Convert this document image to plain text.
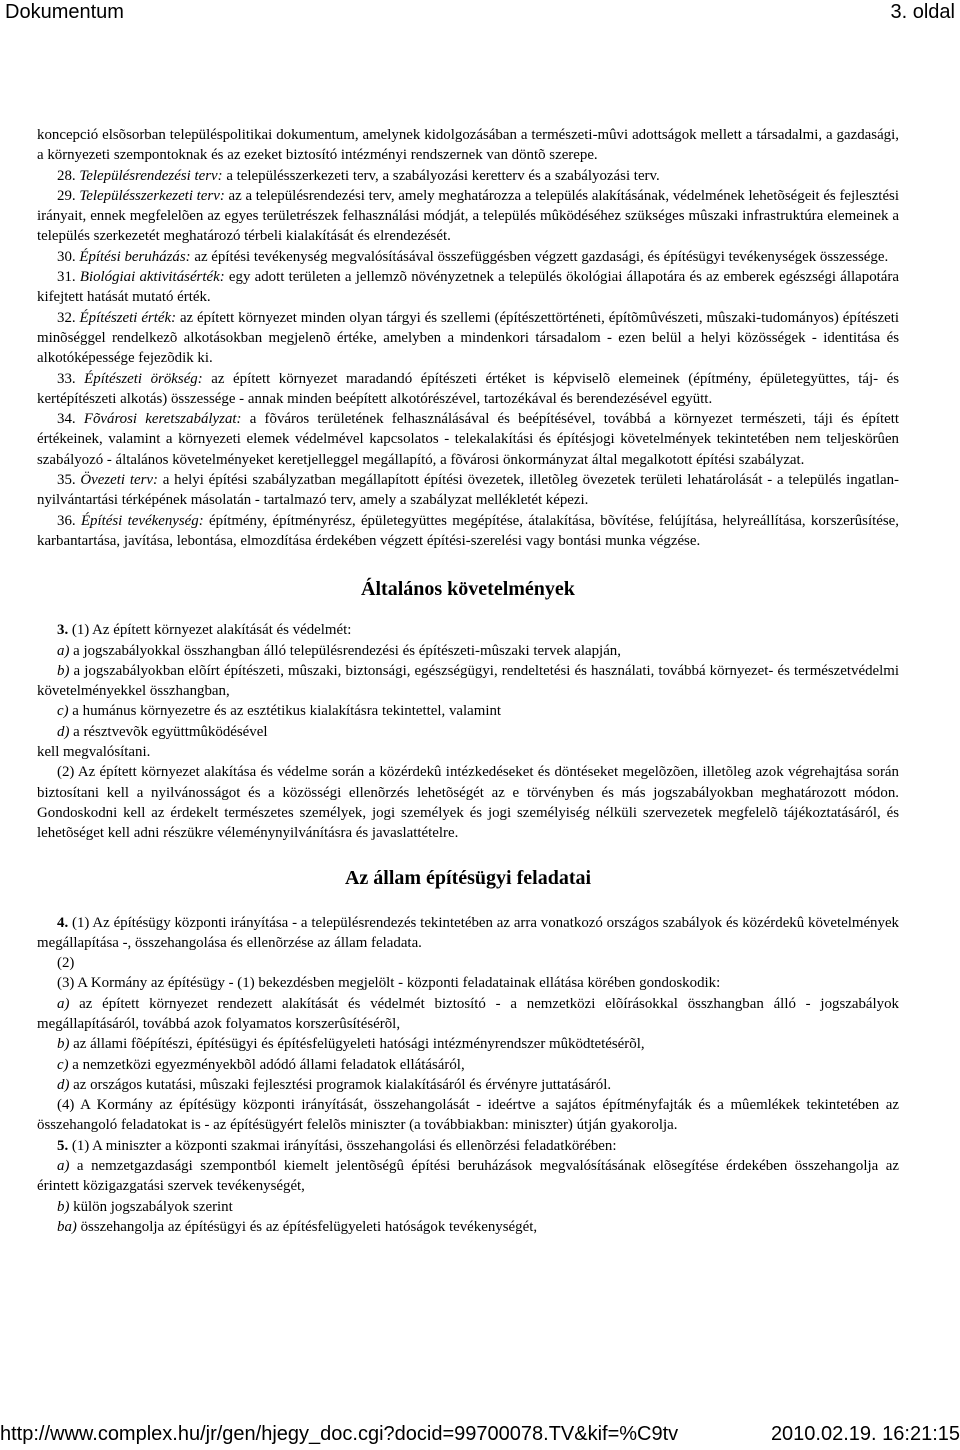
Dokumentum	3. oldal

koncepció elsõsorban településpolitikai dokumentum, amelynek kidolgozásában a természeti-mûvi adottságok mellett a társadalmi, a gazdasági, a környezeti szempontoknak és az ezeket biztosító intézményi rendszernek van döntõ szerepe.

28. Településrendezési terv: a településszerkezeti terv, a szabályozási keretterv és a szabályozási terv.

29. Településszerkezeti terv: az a településrendezési terv, amely meghatározza a település alakításának, védelmének lehetõségeit és fejlesztési irányait, ennek megfelelõen az egyes területrészek felhasználási módját, a település mûködéséhez szükséges mûszaki infrastruktúra elemeinek a település szerkezetét meghatározó térbeli kialakítását és elrendezését.

30. Építési beruházás: az építési tevékenység megvalósításával összefüggésben végzett gazdasági, és építésügyi tevékenységek összessége.

31. Biológiai aktivitásérték: egy adott területen a jellemzõ növényzetnek a település ökológiai állapotára és az emberek egészségi állapotára kifejtett hatását mutató érték.

32. Építészeti érték: az épített környezet minden olyan tárgyi és szellemi (építészettörténeti, építõmûvészeti, mûszaki-tudományos) építészeti minõséggel rendelkezõ alkotásokban megjelenõ értéke, amelyben a mindenkori társadalom - ezen belül a helyi közösségek - identitása és alkotóképessége fejezõdik ki.

33. Építészeti örökség: az épített környezet maradandó építészeti értéket is képviselõ elemeinek (építmény, épületegyüttes, táj- és kertépítészeti alkotás) összessége - annak minden beépített alkotórészével, tartozékával és berendezésével együtt.

34. Fõvárosi keretszabályzat: a fõváros területének felhasználásával és beépítésével, továbbá a környezet természeti, táji és épített értékeinek, valamint a környezeti elemek védelmével kapcsolatos - telekalakítási és építésjogi követelmények tekintetében nem teljeskörûen szabályozó - általános követelményeket keretjelleggel megállapító, a fõvárosi önkormányzat által megalkotott építési szabályzat.

35. Övezeti terv: a helyi építési szabályzatban megállapított építési övezetek, illetõleg övezetek területi lehatárolását - a település ingatlan-nyilvántartási térképének másolatán - tartalmazó terv, amely a szabályzat mellékletét képezi.

36. Építési tevékenység: építmény, építményrész, épületegyüttes megépítése, átalakítása, bõvítése, felújítása, helyreállítása, korszerûsítése, karbantartása, javítása, lebontása, elmozdítása érdekében végzett építési-szerelési vagy bontási munka végzése.

Általános követelmények

3. (1) Az épített környezet alakítását és védelmét:

a) a jogszabályokkal összhangban álló településrendezési és építészeti-mûszaki tervek alapján,

b) a jogszabályokban elõírt építészeti, mûszaki, biztonsági, egészségügyi, rendeltetési és használati, továbbá környezet- és természetvédelmi követelményekkel összhangban,

c) a humánus környezetre és az esztétikus kialakításra tekintettel, valamint

d) a résztvevõk együttmûködésével

kell megvalósítani.

(2) Az épített környezet alakítása és védelme során a közérdekû intézkedéseket és döntéseket megelõzõen, illetõleg azok végrehajtása során biztosítani kell a nyilvánosságot és a közösségi ellenõrzés lehetõségét az e törvényben és más jogszabályokban meghatározott módon. Gondoskodni kell az érdekelt természetes személyek, jogi személyek és jogi személyiség nélküli szervezetek megfelelõ tájékoztatásáról, és lehetõséget kell adni részükre véleménynyilvánításra és javaslattételre.

Az állam építésügyi feladatai

4. (1) Az építésügy központi irányítása - a településrendezés tekintetében az arra vonatkozó országos szabályok és közérdekû követelmények megállapítása -, összehangolása és ellenõrzése az állam feladata.

(2)

(3) A Kormány az építésügy - (1) bekezdésben megjelölt - központi feladatainak ellátása körében gondoskodik:

a) az épített környezet rendezett alakítását és védelmét biztosító - a nemzetközi elõírásokkal összhangban álló - jogszabályok megállapításáról, továbbá azok folyamatos korszerûsítésérõl,

b) az állami fõépítészi, építésügyi és építésfelügyeleti hatósági intézményrendszer mûködtetésérõl,

c) a nemzetközi egyezményekbõl adódó állami feladatok ellátásáról,

d) az országos kutatási, mûszaki fejlesztési programok kialakításáról és érvényre juttatásáról.

(4) A Kormány az építésügy központi irányítását, összehangolását - ideértve a sajátos építményfajták és a mûemlékek tekintetében az összehangoló feladatokat is - az építésügyért felelõs miniszter (a továbbiakban: miniszter) útján gyakorolja.

5. (1) A miniszter a központi szakmai irányítási, összehangolási és ellenõrzési feladatkörében:

a) a nemzetgazdasági szempontból kiemelt jelentõségû építési beruházások megvalósításának elõsegítése érdekében összehangolja az érintett közigazgatási szervek tevékenységét,

b) külön jogszabályok szerint

ba) összehangolja az építésügyi és az építésfelügyeleti hatóságok tevékenységét,

http://www.complex.hu/jr/gen/hjegy_doc.cgi?docid=99700078.TV&kif=%C9tv	2010.02.19. 16:21:15
